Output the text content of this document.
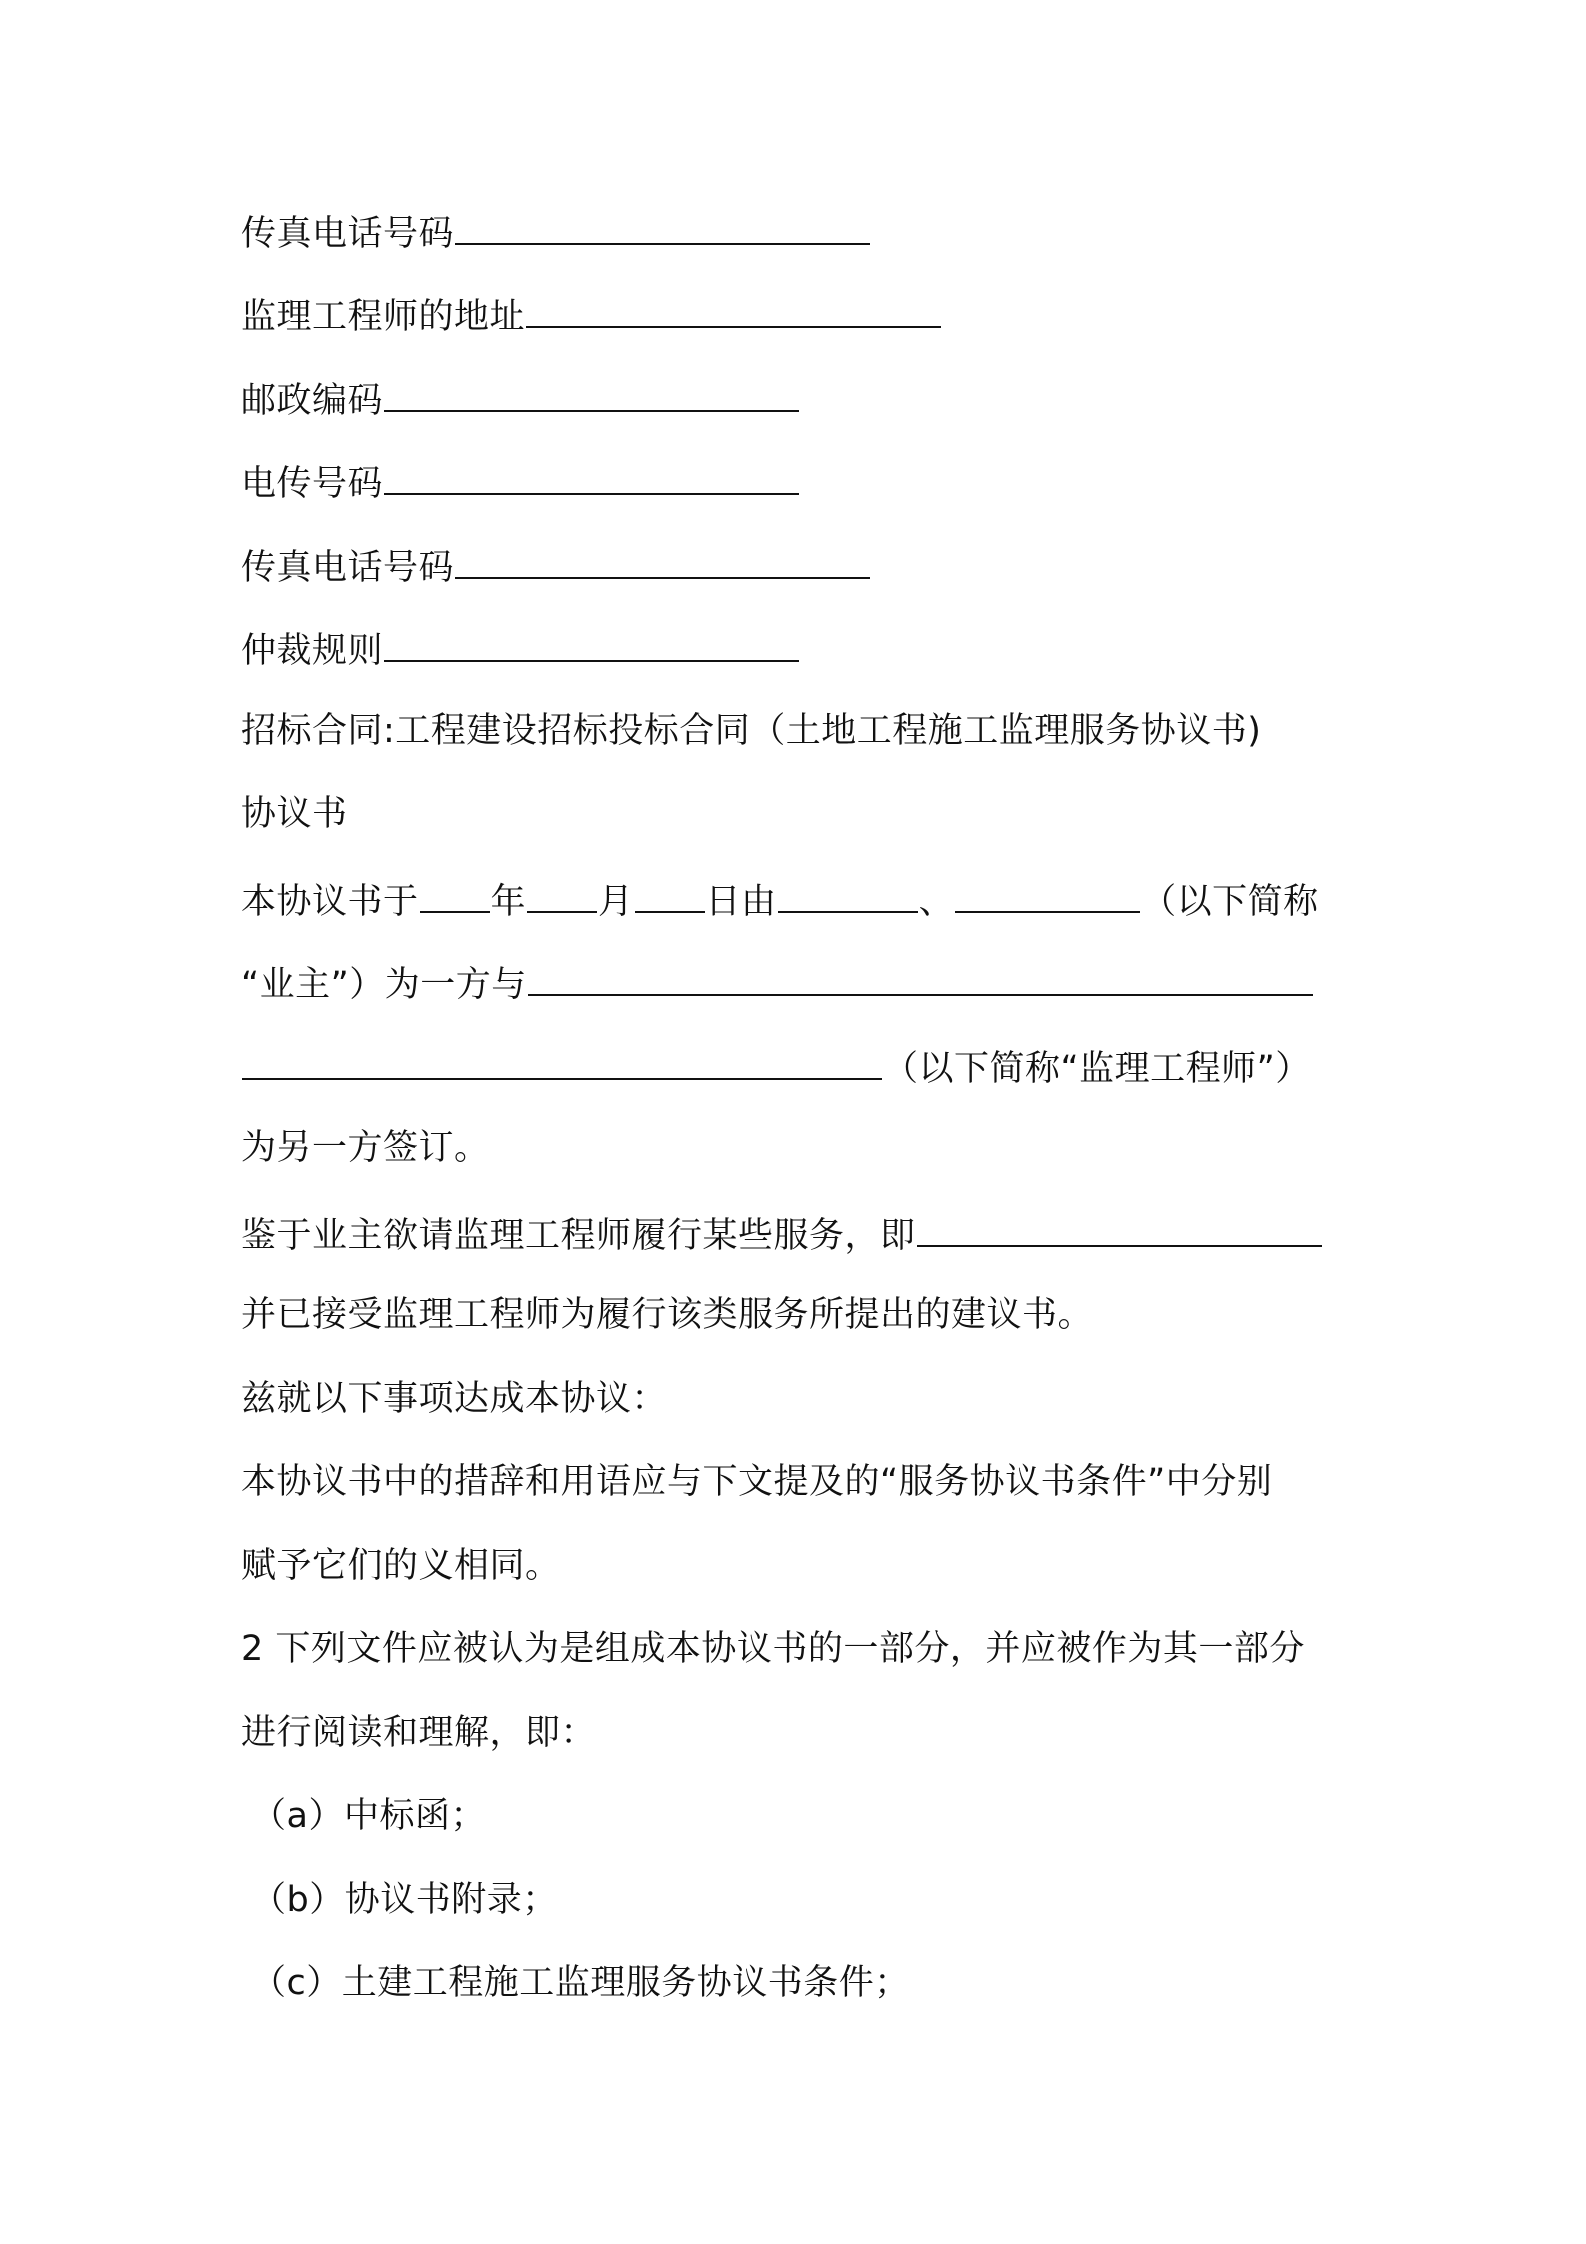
传真电话号码
监理工程师的地址
邮政编码
电传号码
传真电话号码
仲裁规则
招标合同:工程建设招标投标合同（土地工程施工监理服务协议书)
协议书
本协议书于 年 月 日由	、	（以下简称
“业主”）为一方与
（以下简称“监理工程师”）
为另一方签订。
鉴于业主欲请监理工程师履行某些服务，即
并已接受监理工程师为履行该类服务所提出的建议书。
兹就以下事项达成本协议：
本协议书中的措辞和用语应与下文提及的“服务协议书条件”中分别
赋予它们的义相同。
2 下列文件应被认为是组成本协议书的一部分，并应被作为其一部分
进行阅读和理解，即：
（a）中标函；
（b）协议书附录；
（c）土建工程施工监理服务协议书条件；
